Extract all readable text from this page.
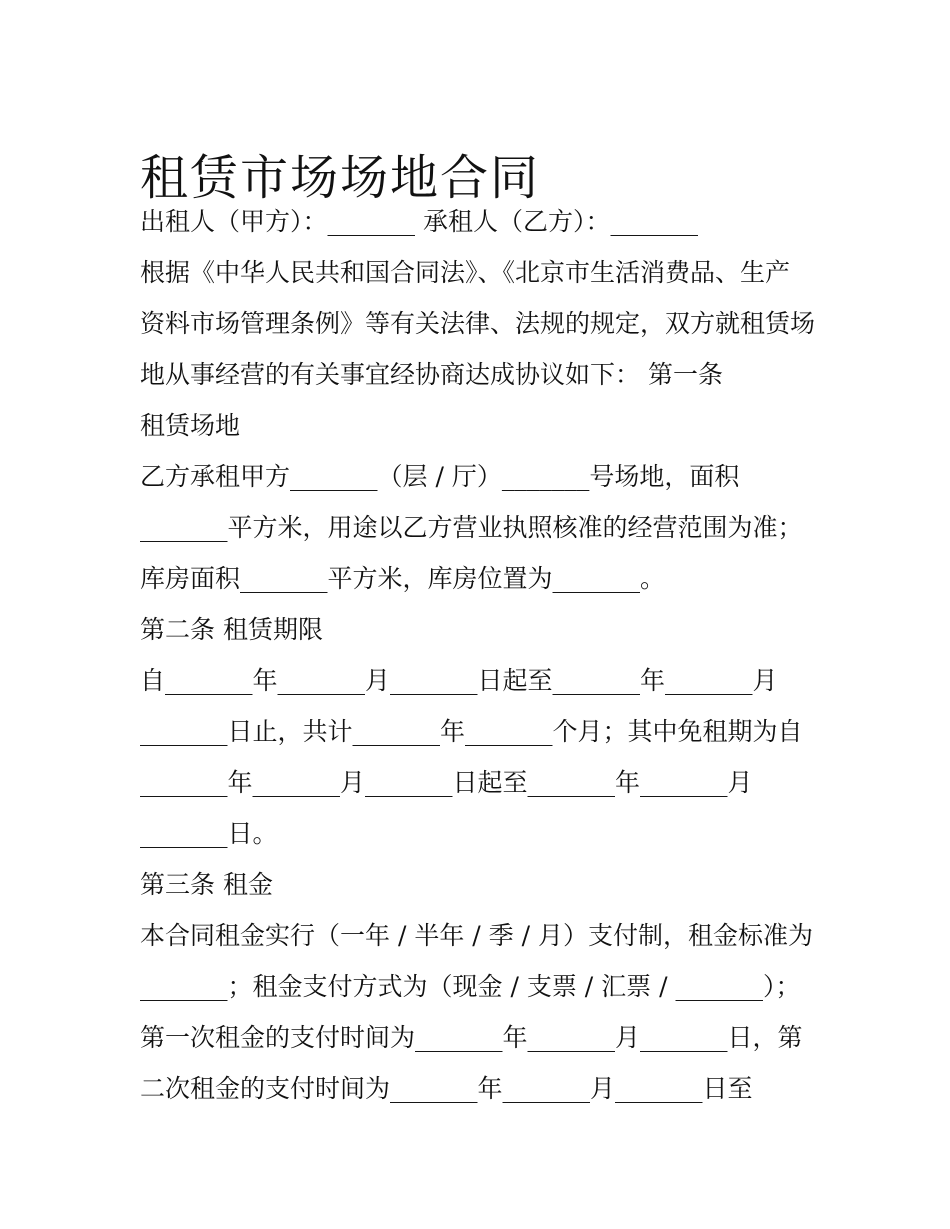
租赁市场场地合同
出租人（甲方）：_______ 承租人（乙方）：_______
根据《中华人民共和国合同法》、《北京市生活消费品、生产
资料市场管理条例》等有关法律、法规的规定，双方就租赁场
地从事经营的有关事宜经协商达成协议如下： 第一条
租赁场地
乙方承租甲方_______（层 / 厅）_______号场地，面积
_______平方米，用途以乙方营业执照核准的经营范围为准；
库房面积_______平方米，库房位置为_______。
第二条 租赁期限
自_______年_______月_______日起至_______年_______月
_______日止，共计_______年_______个月；其中免租期为自
_______年_______月_______日起至_______年_______月
_______日。
第三条 租金
本合同租金实行（一年 / 半年 / 季 / 月）支付制，租金标准为
_______；租金支付方式为（现金 / 支票 / 汇票 / _______）；
第一次租金的支付时间为_______年_______月_______日，第
二次租金的支付时间为_______年_______月_______日至
